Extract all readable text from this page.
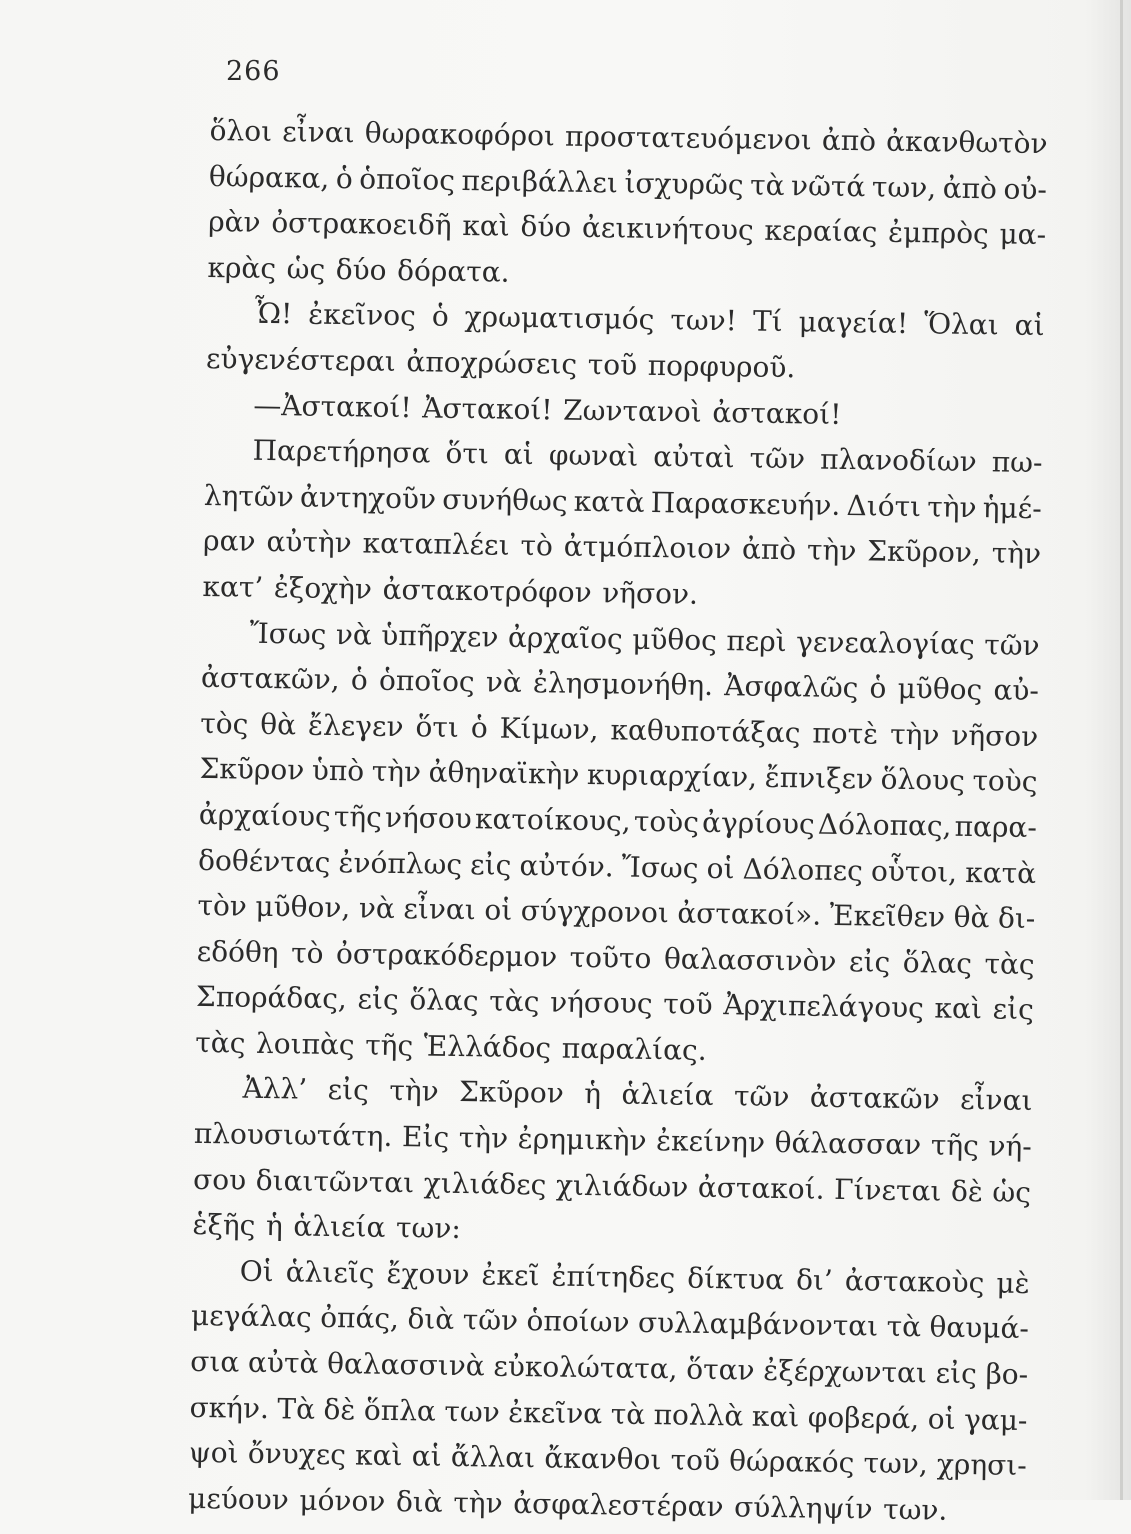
266
ὅλοι εἶναι θωρακοφόροι προστατευόμενοι ἀπὸ ἀκανθωτὸν
θώρακα, ὁ ὁποῖος περιβάλλει ἰσχυρῶς τὰ νῶτά των, ἀπὸ οὐ-
ρὰν ὀστρακοειδῆ καὶ δύο ἀεικινήτους κεραίας ἐμπρὸς μα-
κρὰς ὡς δύο δόρατα.
Ὦ! ἐκεῖνος ὁ χρωματισμός των! Τί μαγεία! Ὅλαι αἱ
εὐγενέστεραι ἀποχρώσεις τοῦ πορφυροῦ.
—Ἀστακοί! Ἀστακοί! Ζωντανοὶ ἀστακοί!
Παρετήρησα ὅτι αἱ φωναὶ αὐταὶ τῶν πλανοδίων πω-
λητῶν ἀντηχοῦν συνήθως κατὰ Παρασκευήν. Διότι τὴν ἡμέ-
ραν αὐτὴν καταπλέει τὸ ἀτμόπλοιον ἀπὸ τὴν Σκῦρον, τὴν
κατ’ ἐξοχὴν ἀστακοτρόφον νῆσον.
Ἴσως νὰ ὑπῆρχεν ἀρχαῖος μῦθος περὶ γενεαλογίας τῶν
ἀστακῶν, ὁ ὁποῖος νὰ ἐλησμονήθη. Ἀσφαλῶς ὁ μῦθος αὐ-
τὸς θὰ ἔλεγεν ὅτι ὁ Κίμων, καθυποτάξας ποτὲ τὴν νῆσον
Σκῦρον ὑπὸ τὴν ἀθηναϊκὴν κυριαρχίαν, ἔπνιξεν ὅλους τοὺς
ἀρχαίους τῆς νήσου κατοίκους, τοὺς ἀγρίους Δόλοπας, παρα-
δοθέντας ἐνόπλως εἰς αὐτόν. Ἴσως οἱ Δόλοπες οὗτοι, κατὰ
τὸν μῦθον, νὰ εἶναι οἱ σύγχρονοι ἀστακοί». Ἐκεῖθεν θὰ δι-
εδόθη τὸ ὀστρακόδερμον τοῦτο θαλασσινὸν εἰς ὅλας τὰς
Σποράδας, εἰς ὅλας τὰς νήσους τοῦ Ἀρχιπελάγους καὶ εἰς
τὰς λοιπὰς τῆς Ἑλλάδος παραλίας.
Ἀλλ’ εἰς τὴν Σκῦρον ἡ ἁλιεία τῶν ἀστακῶν εἶναι
πλουσιωτάτη. Εἰς τὴν ἐρημικὴν ἐκείνην θάλασσαν τῆς νή-
σου διαιτῶνται χιλιάδες χιλιάδων ἀστακοί. Γίνεται δὲ ὡς
ἑξῆς ἡ ἁλιεία των:
Οἱ ἁλιεῖς ἔχουν ἐκεῖ ἐπίτηδες δίκτυα δι’ ἀστακοὺς μὲ
μεγάλας ὀπάς, διὰ τῶν ὁποίων συλλαμβάνονται τὰ θαυμά-
σια αὐτὰ θαλασσινὰ εὐκολώτατα, ὅταν ἐξέρχωνται εἰς βο-
σκήν. Τὰ δὲ ὅπλα των ἐκεῖνα τὰ πολλὰ καὶ φοβερά, οἱ γαμ-
ψοὶ ὄνυχες καὶ αἱ ἄλλαι ἄκανθοι τοῦ θώρακός των, χρησι-
μεύουν μόνον διὰ τὴν ἀσφαλεστέραν σύλληψίν των.
